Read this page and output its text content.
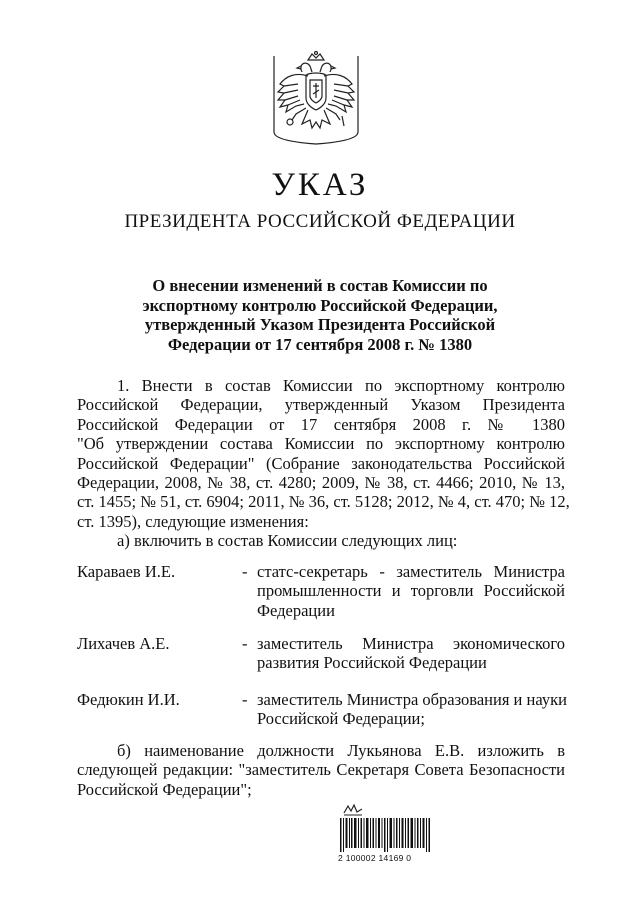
УКАЗ
ПРЕЗИДЕНТА РОССИЙСКОЙ ФЕДЕРАЦИИ
О внесении изменений в состав Комиссии по
экспортному контролю Российской Федерации,
утвержденный Указом Президента Российской
Федерации от 17 сентября 2008 г. № 1380
1. Внести в состав Комиссии по экспортному контролю
Российской Федерации, утвержденный Указом Президента
Российской Федерации от 17 сентября 2008 г. № 1380
"Об утверждении состава Комиссии по экспортному контролю
Российской Федерации" (Собрание законодательства Российской
Федерации, 2008, № 38, ст. 4280; 2009, № 38, ст. 4466; 2010, № 13,
ст. 1455; № 51, ст. 6904; 2011, № 36, ст. 5128; 2012, № 4, ст. 470; № 12,
ст. 1395), следующие изменения:
а) включить в состав Комиссии следующих лиц:
Караваев И.Е.	- статс-секретарь - заместитель Министра
промышленности и торговли Российской
Федерации
Лихачев А.Е.	- заместитель Министра экономического
развития Российской Федерации
Федюкин И.И.	- заместитель Министра образования и науки
Российской Федерации;
б) наименование должности Лукьянова Е.В. изложить в
следующей редакции: "заместитель Секретаря Совета Безопасности
Российской Федерации";
2 100002 14169 0
